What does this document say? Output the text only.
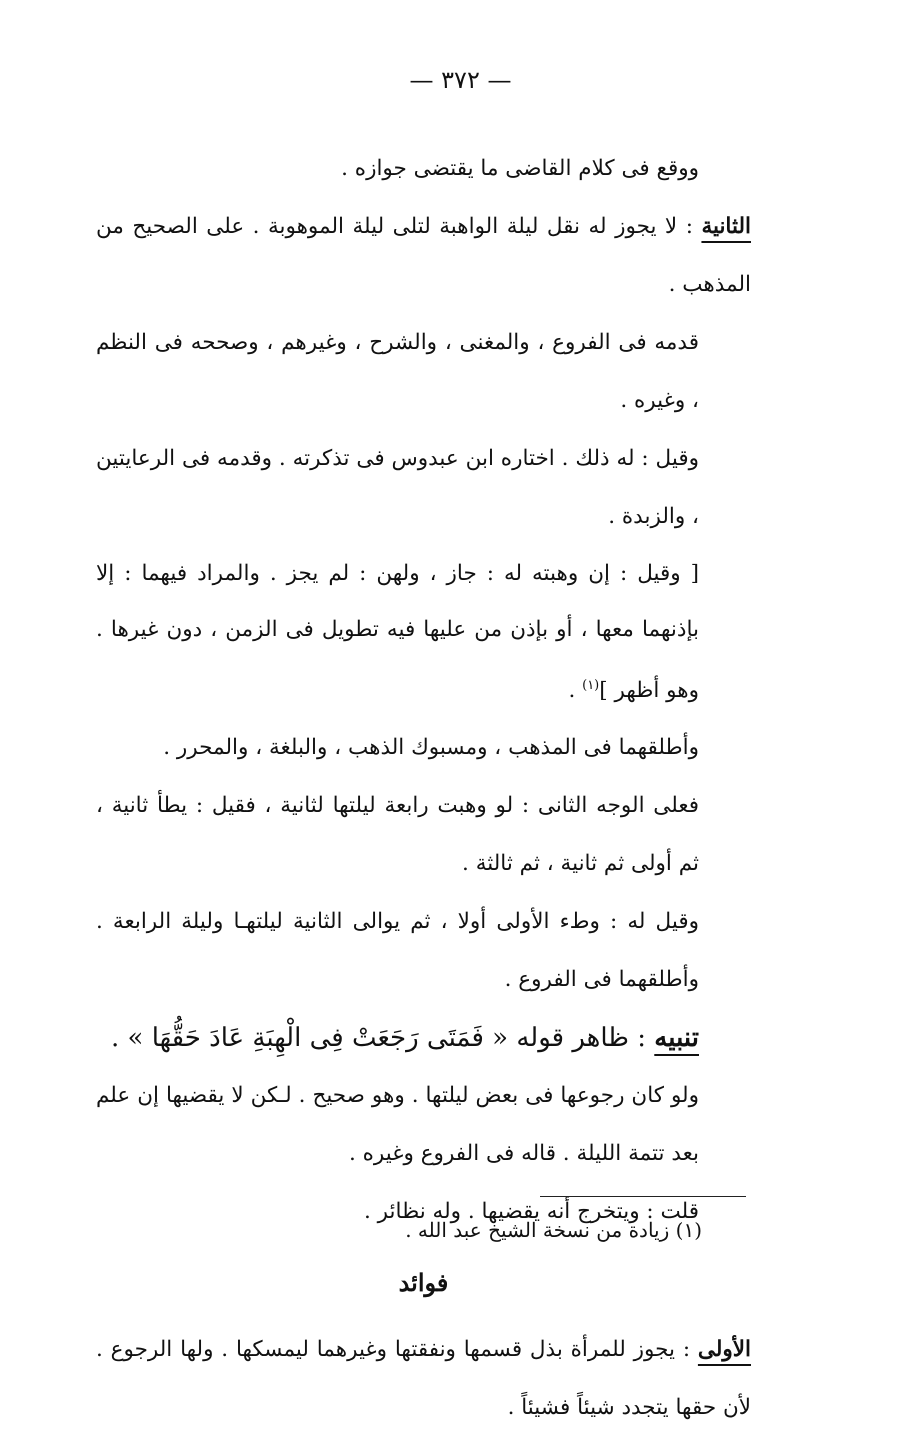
— ٣٧٢ —

ووقع فى كلام القاضى ما يقتضى جوازه .

الثانية : لا يجوز له نقل ليلة الواهبة لتلى ليلة الموهوبة . على الصحيح من المذهب .

قدمه فى الفروع ، والمغنى ، والشرح ، وغيرهم ، وصححه فى النظم ، وغيره .

وقيل : له ذلك . اختاره ابن عبدوس فى تذكرته . وقدمه فى الرعايتين ، والزبدة .

[ وقيل : إن وهبته له : جاز ، ولهن : لم يجز . والمراد فيهما : إلا بإذنهما معها ، أو بإذن من عليها فيه تطويل فى الزمن ، دون غيرها . وهو أظهر ]$^{(١)}$ .

وأطلقهما فى المذهب ، ومسبوك الذهب ، والبلغة ، والمحرر .

فعلى الوجه الثانى : لو وهبت رابعة ليلتها لثانية ، فقيل : يطأ ثانية ، ثم أولى ثم ثانية ، ثم ثالثة .

وقيل له : وطء الأولى أولا ، ثم يوالى الثانية ليلتهـا وليلة الرابعة . وأطلقهما فى الفروع .

تنبيه : ظاهر قوله « فَمَتَى رَجَعَتْ فِى الْهِبَةِ عَادَ حَقُّهَا » .

ولو كان رجوعها فى بعض ليلتها . وهو صحيح . لـكن لا يقضيها إن علم بعد تتمة الليلة . قاله فى الفروع وغيره .

قلت : ويتخرج أنه يقضيها . وله نظائر .

فوائد

الأولى : يجوز للمرأة بذل قسمها ونفقتها وغيرهما ليمسكها . ولها الرجوع . لأن حقها يتجدد شيئاً فشيئاً .

(١) زيادة من نسخة الشيخ عبد الله .
